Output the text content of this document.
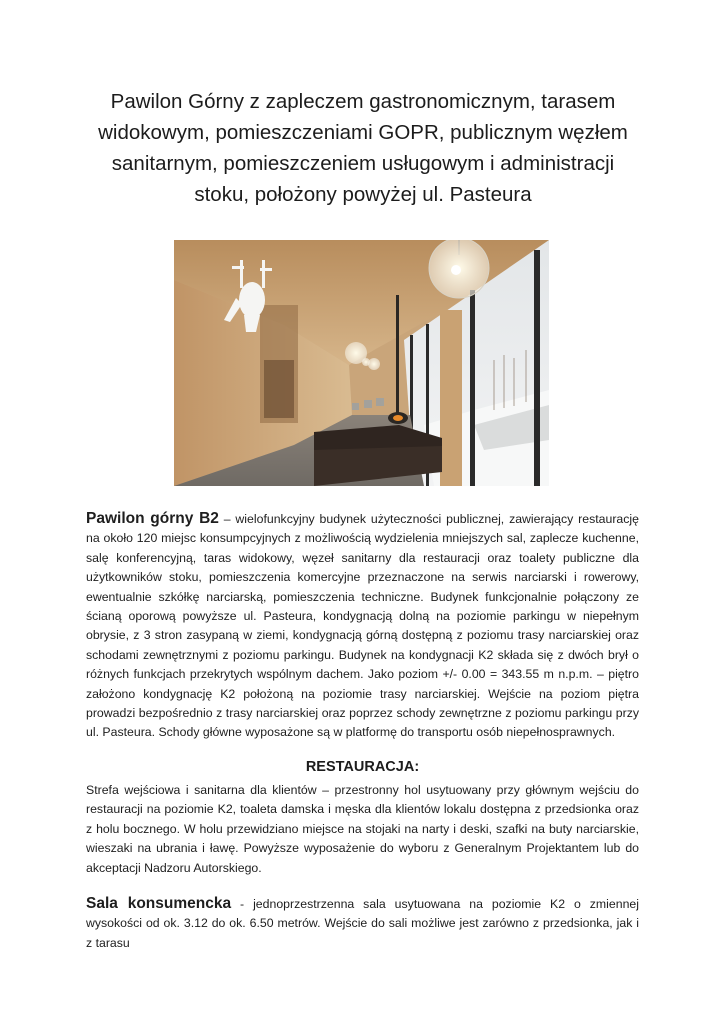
Pawilon Górny z zapleczem gastronomicznym, tarasem widokowym, pomieszczeniami GOPR, publicznym węzłem sanitarnym, pomieszczeniem usługowym i administracji stoku, położony powyżej ul. Pasteura

Pawilon górny B2 – wielofunkcyjny budynek użyteczności publicznej, zawierający restaurację na około 120 miejsc konsumpcyjnych z możliwością wydzielenia mniejszych sal, zaplecze kuchenne, salę konferencyjną, taras widokowy, węzeł sanitarny dla restauracji oraz toalety publiczne dla użytkowników stoku, pomieszczenia komercyjne przeznaczone na serwis narciarski i rowerowy, ewentualnie szkółkę narciarską, pomieszczenia techniczne. Budynek funkcjonalnie połączony ze ścianą oporową powyższe ul. Pasteura, kondygnacją dolną na poziomie parkingu w niepełnym obrysie, z 3 stron zasypaną w ziemi, kondygnacją górną dostępną z poziomu trasy narciarskiej oraz schodami zewnętrznymi z poziomu parkingu. Budynek na kondygnacji K2 składa się z dwóch brył o różnych funkcjach przekrytych wspólnym dachem. Jako poziom +/- 0.00 = 343.55 m n.p.m. – piętro założono kondygnację K2 położoną na poziomie trasy narciarskiej. Wejście na poziom piętra prowadzi bezpośrednio z trasy narciarskiej oraz poprzez schody zewnętrzne z poziomu parkingu przy ul. Pasteura. Schody główne wyposażone są w platformę do transportu osób niepełnosprawnych.

RESTAURACJA:

Strefa wejściowa i sanitarna dla klientów – przestronny hol usytuowany przy głównym wejściu do restauracji na poziomie K2, toaleta damska i męska dla klientów lokalu dostępna z przedsionka oraz z holu bocznego. W holu przewidziano miejsce na stojaki na narty i deski, szafki na buty narciarskie, wieszaki na ubrania i ławę. Powyższe wyposażenie do wyboru z Generalnym Projektantem lub do akceptacji Nadzoru Autorskiego.

Sala konsumencka - jednoprzestrzenna sala usytuowana na poziomie K2 o zmiennej wysokości od ok. 3.12 do ok. 6.50 metrów. Wejście do sali możliwe jest zarówno z przedsionka, jak i z tarasu
